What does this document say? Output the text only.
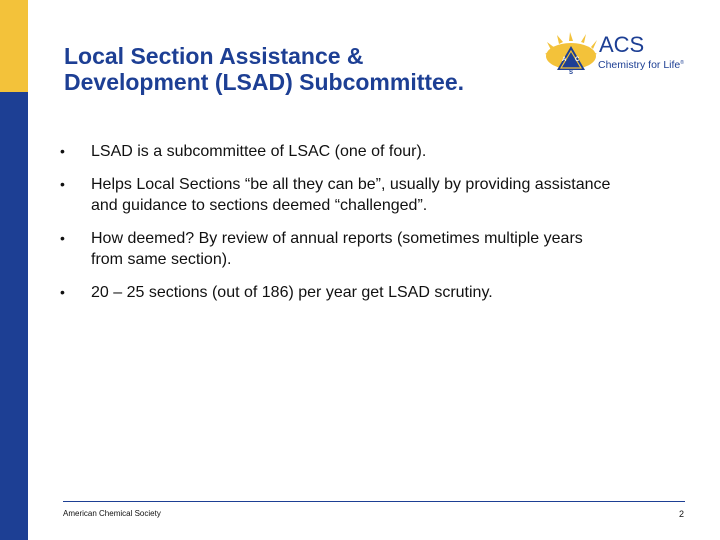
Local Section Assistance &
Development (LSAD) Subcommittee.
A C
S
ACS
Chemistry for Life®
• LSAD is a subcommittee of LSAC (one of four).
• Helps Local Sections “be all they can be”, usually by providing assistance
and guidance to sections deemed “challenged”.
• How deemed? By review of annual reports (sometimes multiple years
from same section).
• 20 – 25 sections (out of 186) per year get LSAD scrutiny.
American Chemical Society	2
